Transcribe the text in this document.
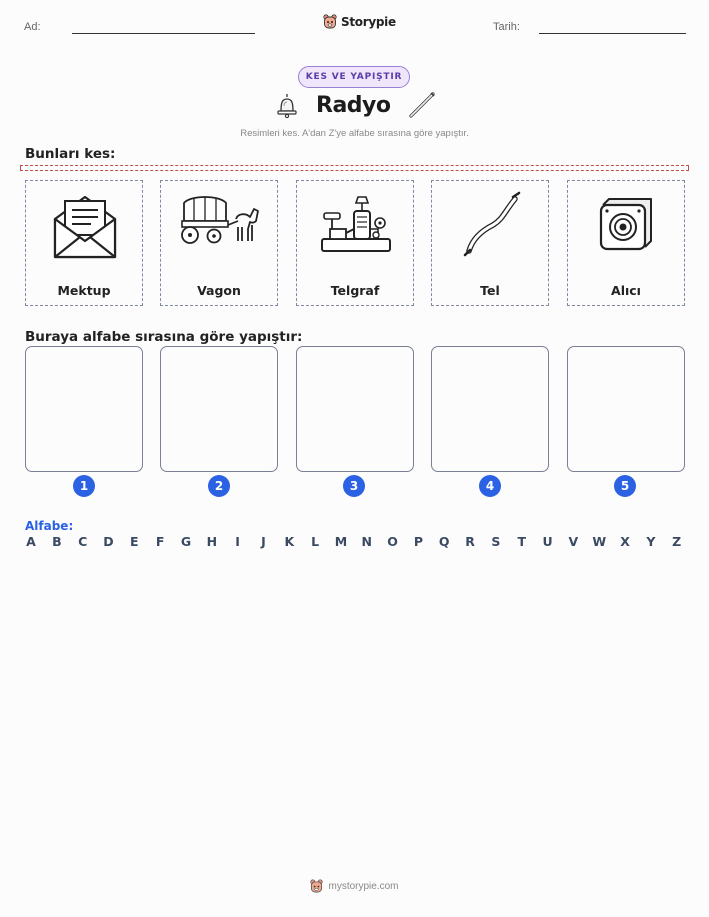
Ad:	Storypie	Tarih:
KES VE YAPIŞTIR
Radyo
Resimleri kes. A'dan Z'ye alfabe sırasına göre yapıştır.
Bunları kes:
Mektup	Vagon	Telgraf	Tel	Alıcı
Buraya alfabe sırasına göre yapıştır:
1	2	3	4	5
Alfabe:
A B C D E F G H	I	J	K L M N O P Q R S T U V W X Y Z
mystorypie.com
